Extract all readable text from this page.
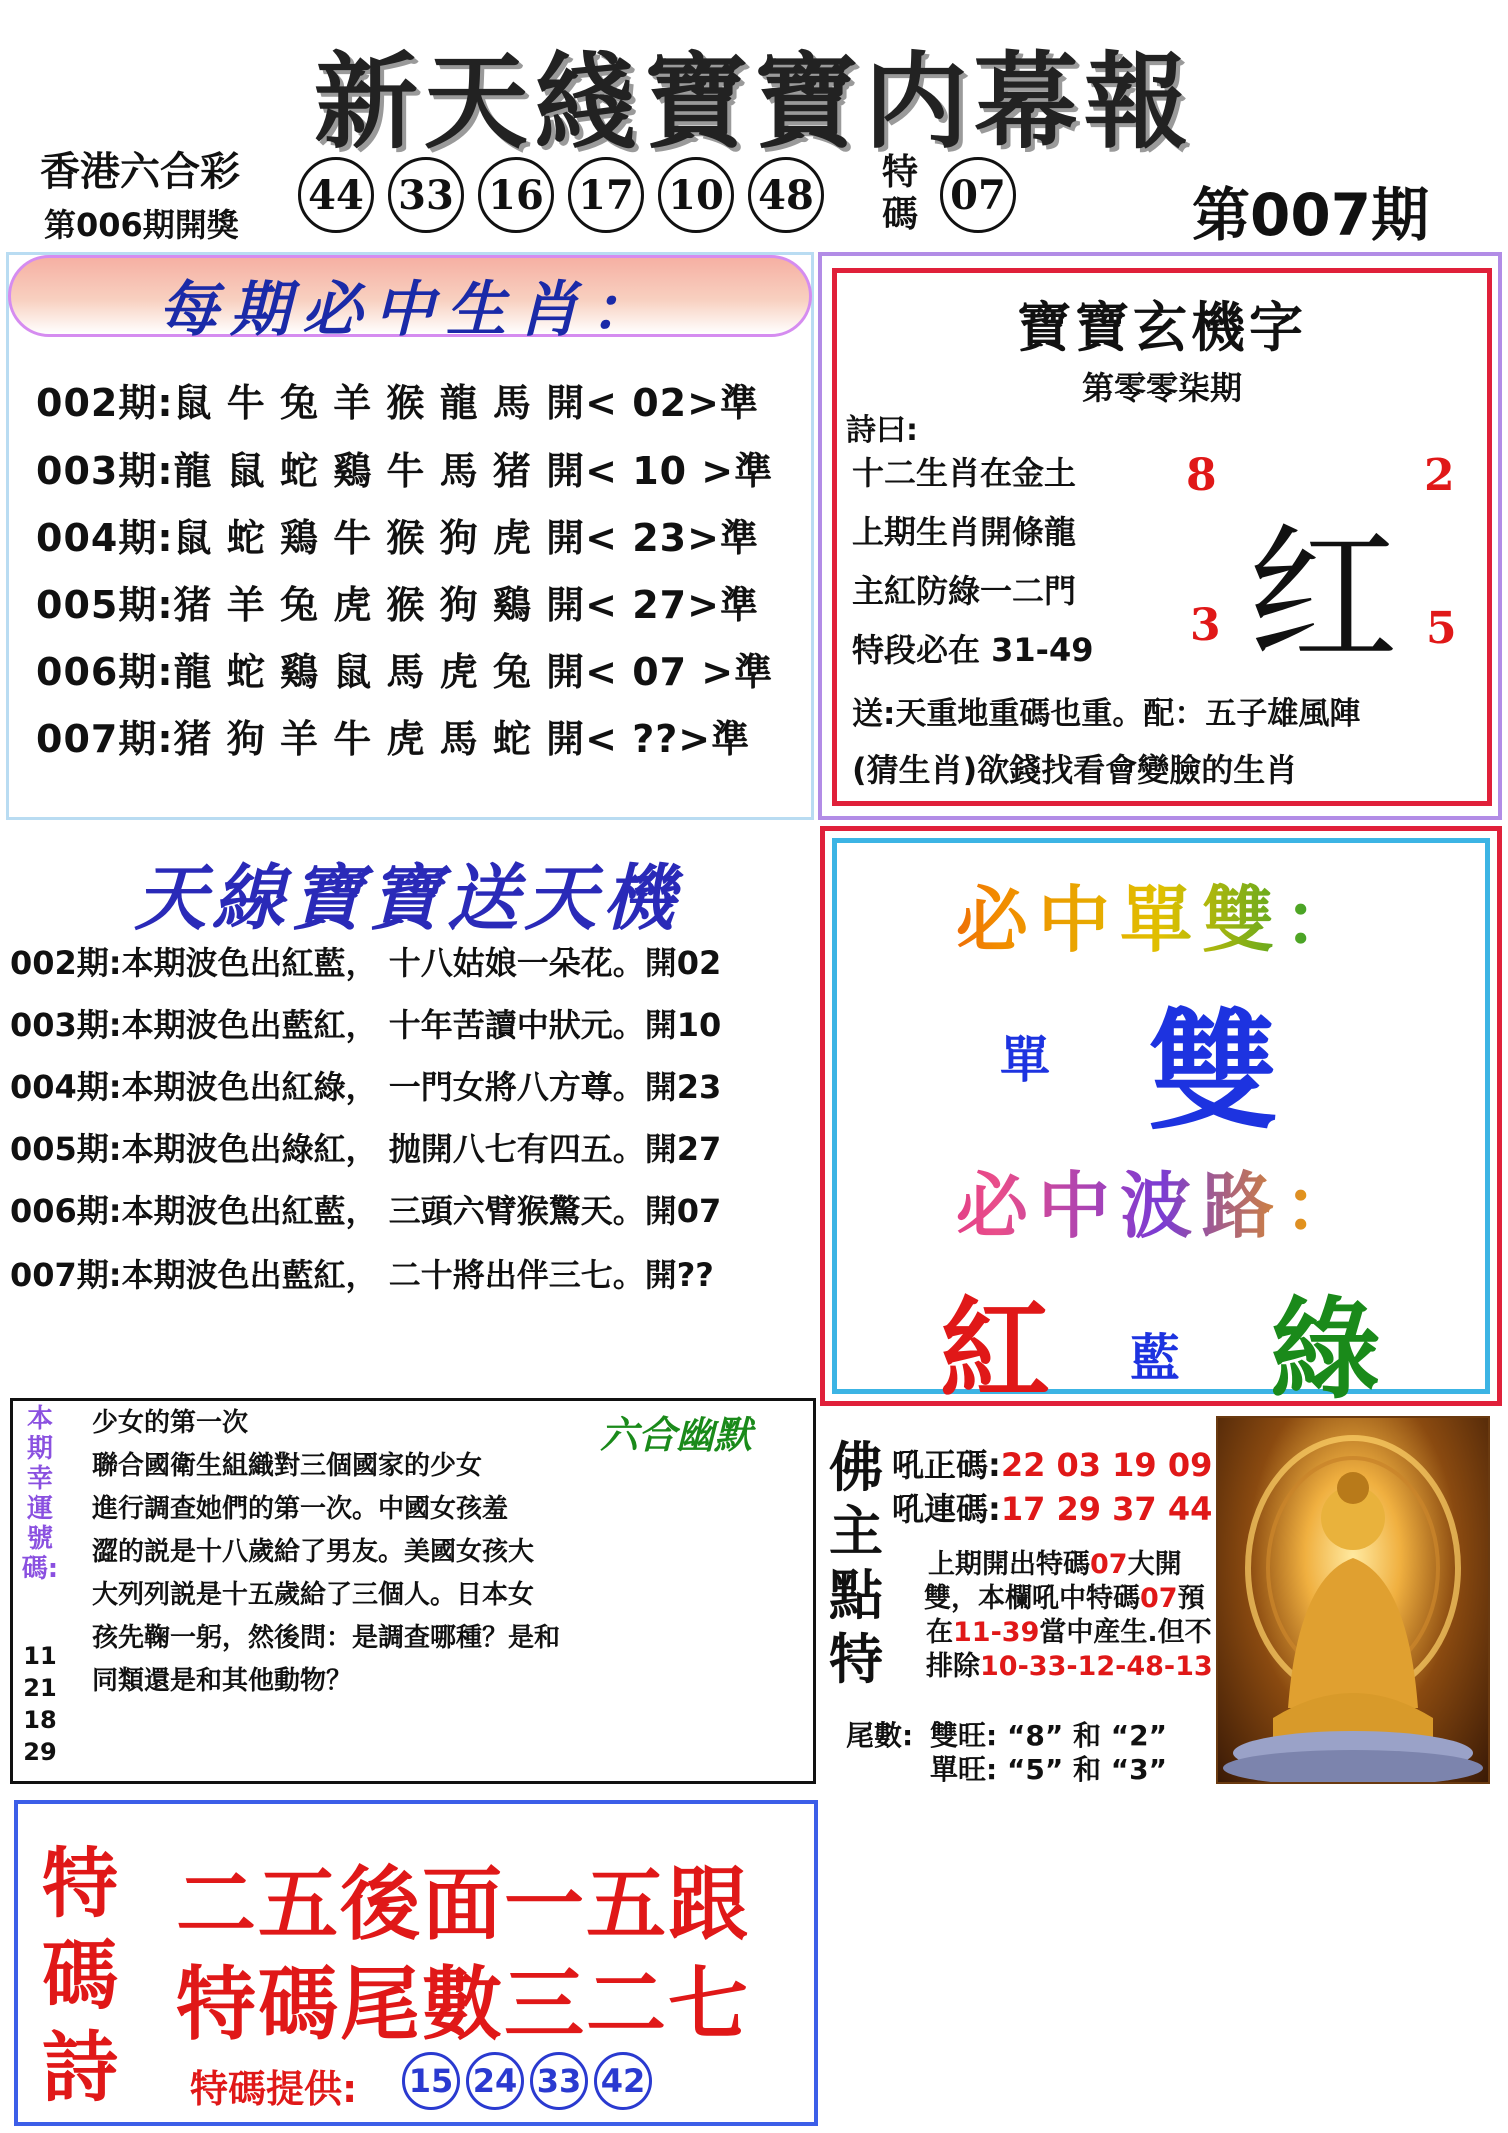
新天綫寶寶内幕報
香港六合彩
第006期開獎
44 33 16 17 10 48 特碼 07	第007期
每期必中生肖：
002期:鼠 牛 兔 羊 猴 龍 馬 開< 02>準
003期:龍 鼠 蛇 鷄 牛 馬 猪 開< 10 >準
004期:鼠 蛇 鶏 牛 猴 狗 虎 開< 23>準
005期:猪 羊 兔 虎 猴 狗 鷄 開< 27>準
006期:龍 蛇 鷄 鼠 馬 虎 兔 開< 07 >準
007期:猪 狗 羊 牛 虎 馬 蛇 開< ??>準
寶寶玄機字
第零零柒期
詩曰:
十二生肖在金土
上期生肖開條龍
主紅防綠一二門
特段必在 31-49
8	2
3	5
红
送:天重地重碼也重。配：五子雄風陣
(猜生肖)欲錢找看會變臉的生肖
天線寶寶送天機
002期:本期波色出紅藍， 十八姑娘一朵花。開02
003期:本期波色出藍紅， 十年苦讀中狀元。開10
004期:本期波色出紅綠， 一門女將八方尊。開23
005期:本期波色出綠紅， 抛開八七有四五。開27
006期:本期波色出紅藍， 三頭六臂猴驚天。開07
007期:本期波色出藍紅， 二十將出伴三七。開??
必中單雙：
單 雙
必中波路：
紅 藍 綠
本期幸運號碼:
11 21 18 29
六合幽默
少女的第一次
聯合國衛生組織對三個國家的少女
進行調查她們的第一次。中國女孩羞
澀的説是十八歲給了男友。美國女孩大
大列列説是十五歲給了三個人。日本女
孩先鞠一躬，然後問：是調查哪種？是和
同類還是和其他動物？
佛主點特
吼正碼:22 03 19 09
吼連碼:17 29 37 44
上期開出特碼07大開
雙，本欄吼中特碼07預
在11-39當中産生.但不
排除10-33-12-48-13
尾數: 雙旺: “8” 和 “2”
單旺: “5” 和 “3”
特碼詩
二五後面一五跟
特碼尾數三二七
特碼提供: 15 24 33 42
